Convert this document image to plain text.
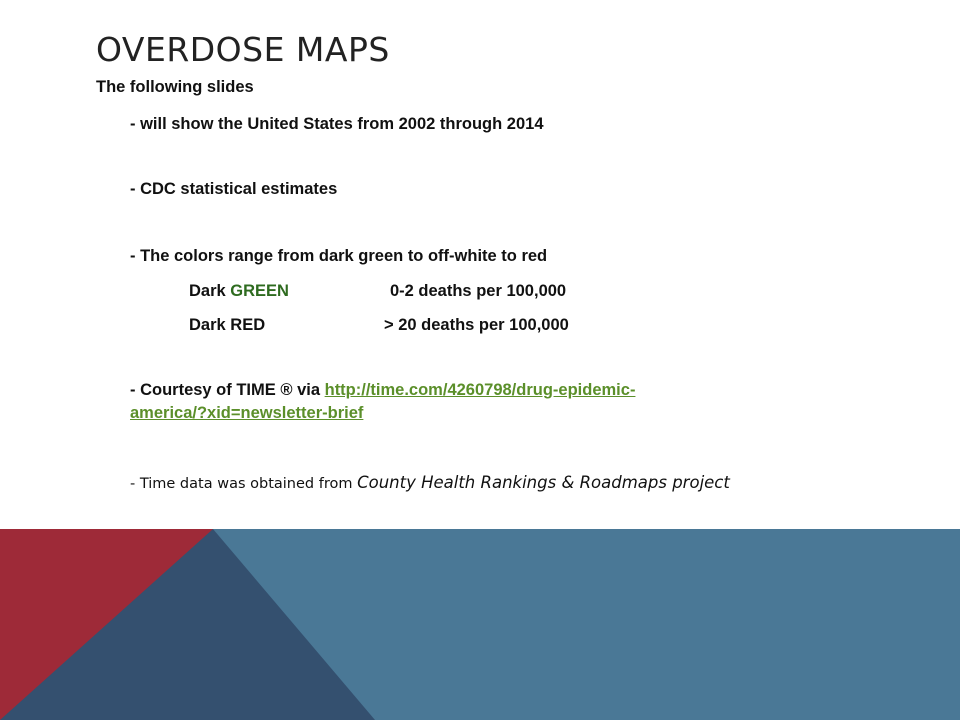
OVERDOSE MAPS
The following slides
- will show the United States from 2002 through 2014
- CDC statistical estimates
- The colors range from dark green to off-white to red
Dark GREEN	0-2 deaths per 100,000
Dark RED	> 20 deaths per 100,000
- Courtesy of TIME ® via http://time.com/4260798/drug-epidemic-
america/?xid=newsletter-brief
- Time data was obtained from County Health Rankings & Roadmaps project
